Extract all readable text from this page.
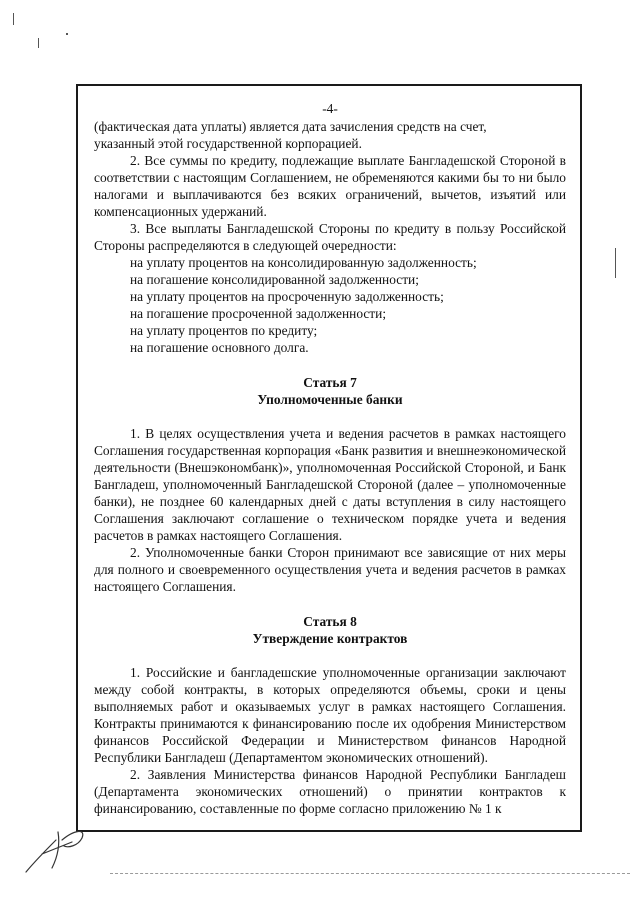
-4-

(фактическая дата уплаты) является дата зачисления средств на счет,

указанный этой государственной корпорацией.

2. Все суммы по кредиту, подлежащие выплате Бангладешской Стороной в соответствии с настоящим Соглашением, не обременяются какими бы то ни было налогами и выплачиваются без всяких ограничений, вычетов, изъятий или компенсационных удержаний.

3. Все выплаты Бангладешской Стороны по кредиту в пользу Российской Стороны распределяются в следующей очередности:

на уплату процентов на консолидированную задолженность;

на погашение консолидированной задолженности;

на уплату процентов на просроченную задолженность;

на погашение просроченной задолженности;

на уплату процентов по кредиту;

на погашение основного долга.

Статья 7

Уполномоченные банки

1. В целях осуществления учета и ведения расчетов в рамках настоящего Соглашения государственная корпорация «Банк развития и внешнеэкономической деятельности (Внешэкономбанк)», уполномоченная Российской Стороной, и Банк Бангладеш, уполномоченный Бангладешской Стороной (далее – уполномоченные банки), не позднее 60 календарных дней с даты вступления в силу настоящего Соглашения заключают соглашение о техническом порядке учета и ведения расчетов в рамках настоящего Соглашения.

2. Уполномоченные банки Сторон принимают все зависящие от них меры для полного и своевременного осуществления учета и ведения расчетов в рамках настоящего Соглашения.

Статья 8

Утверждение контрактов

1. Российские и бангладешские уполномоченные организации заключают между собой контракты, в которых определяются объемы, сроки и цены выполняемых работ и оказываемых услуг в рамках настоящего Соглашения. Контракты принимаются к финансированию после их одобрения Министерством финансов Российской Федерации и Министерством финансов Народной Республики Бангладеш (Департаментом экономических отношений).

2. Заявления Министерства финансов Народной Республики Бангладеш (Департамента экономических отношений) о принятии контрактов к финансированию, составленные по форме согласно приложению № 1 к
